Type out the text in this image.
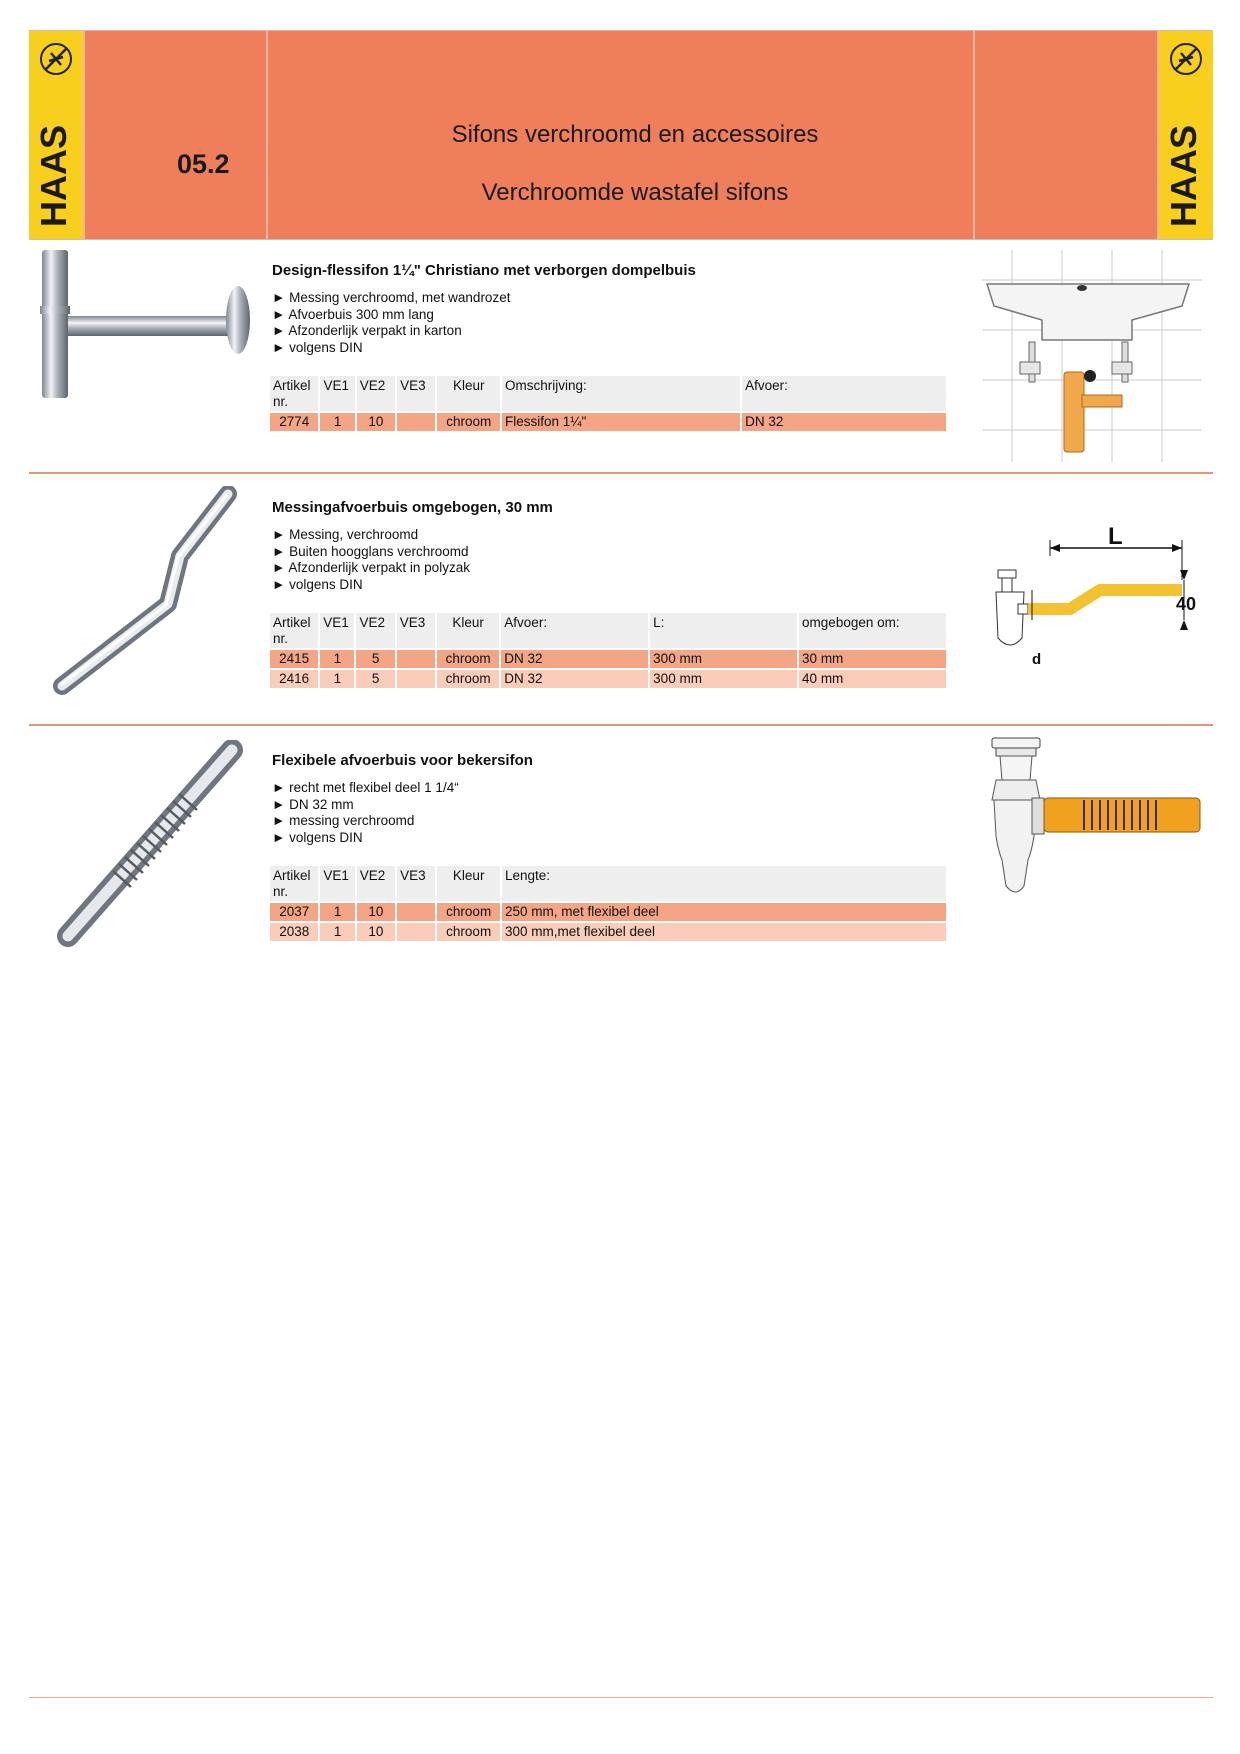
HAAS	05.2
Sifons verchroomd en accessoires
Verchroomde wastafel sifons	HAAS
Design-flessifon 1¼" Christiano met verborgen dompelbuis
► Messing verchroomd, met wandrozet
► Afvoerbuis 300 mm lang
► Afzonderlijk verpakt in karton
► volgens DIN
Artikel nr.	VE1	VE2	VE3	Kleur	Omschrijving:	Afvoer:
2774	1	10		chroom	Flessifon 1¼"	DN 32
Messingafvoerbuis omgebogen, 30 mm
► Messing, verchroomd
► Buiten hoogglans verchroomd
► Afzonderlijk verpakt in polyzak
► volgens DIN
Artikel nr.	VE1	VE2	VE3	Kleur	Afvoer:	L:	omgebogen om:
2415	1	5		chroom	DN 32	300 mm	30 mm
2416	1	5		chroom	DN 32	300 mm	40 mm
L
40
d
Flexibele afvoerbuis voor bekersifon
► recht met flexibel deel 1 1/4“
► DN 32 mm
► messing verchroomd
► volgens DIN
Artikel nr.	VE1	VE2	VE3	Kleur	Lengte:
2037	1	10		chroom	250 mm, met flexibel deel
2038	1	10		chroom	300 mm,met flexibel deel
